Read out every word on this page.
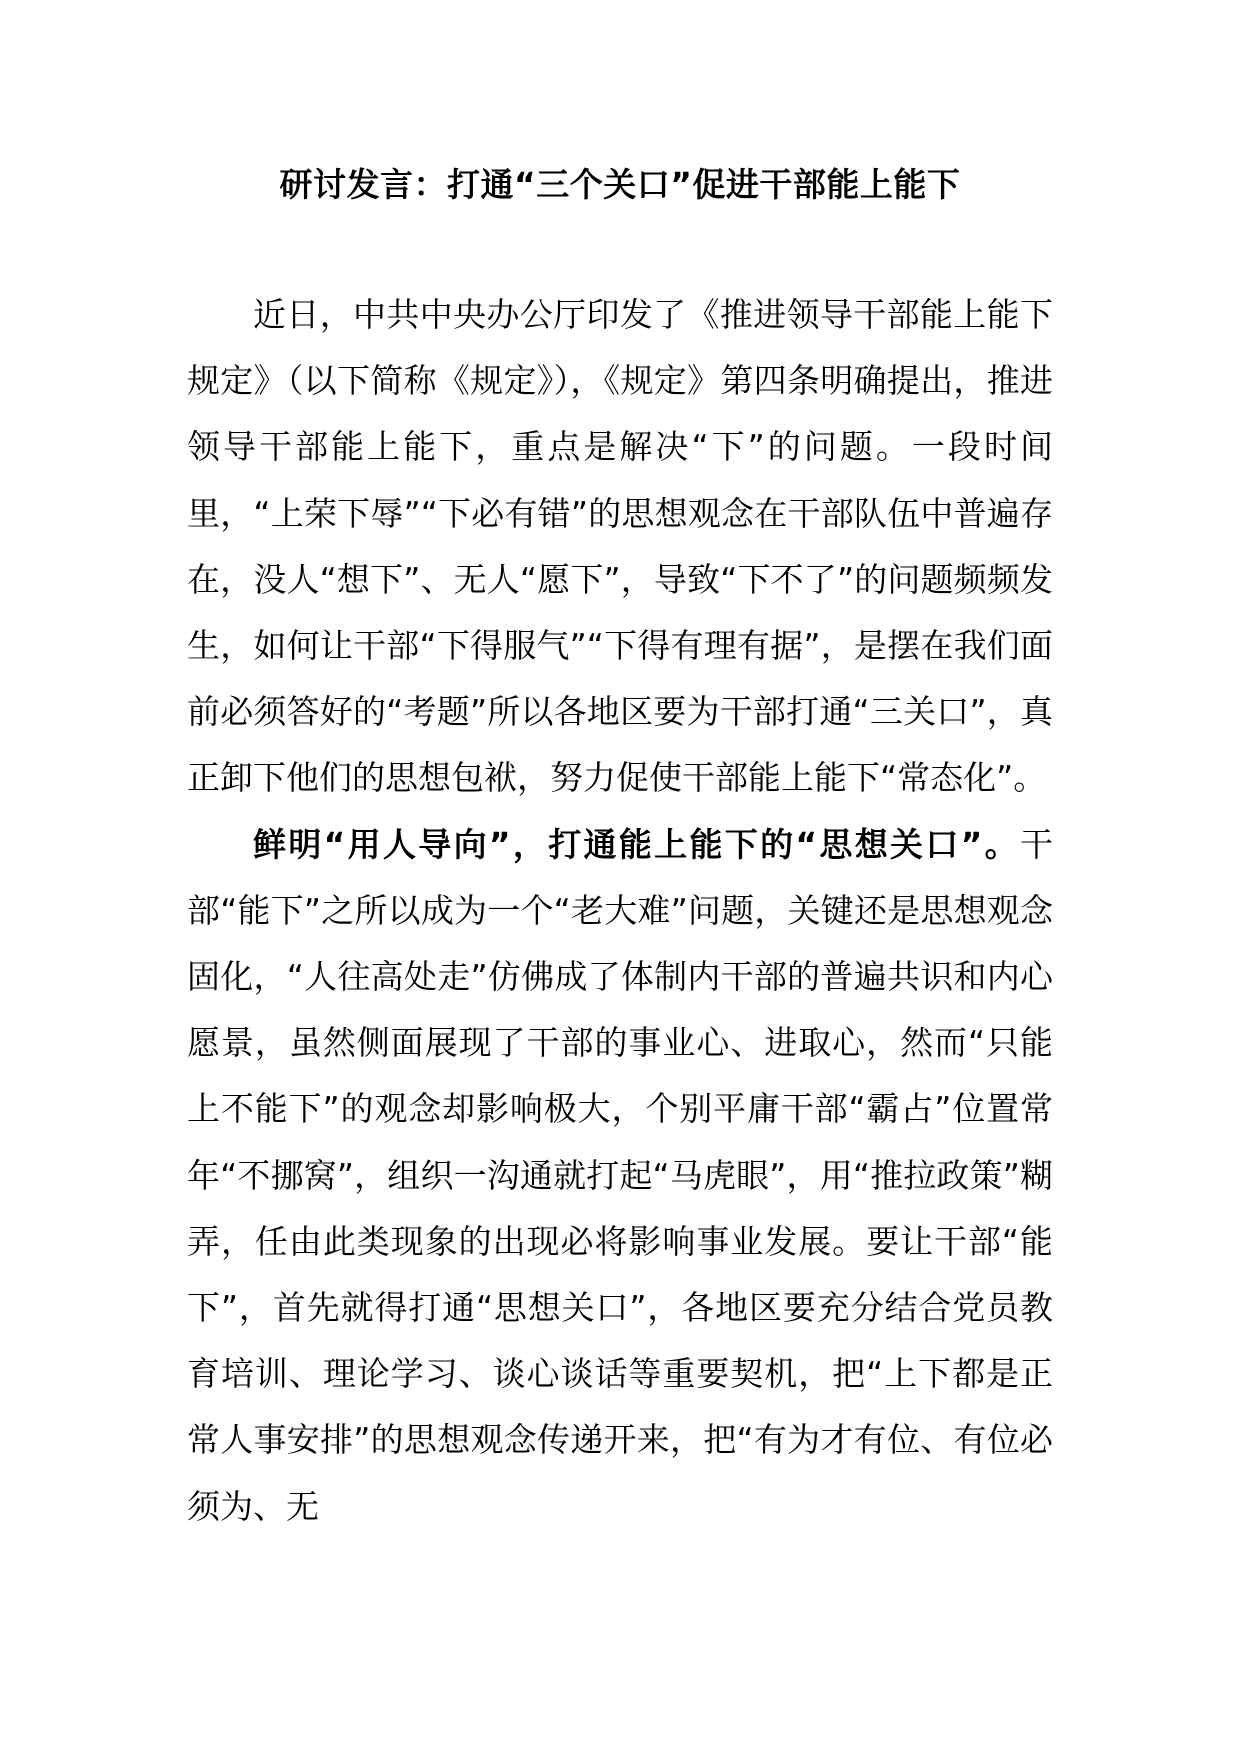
研讨发言：打通“三个关口”促进干部能上能下

近日，中共中央办公厅印发了《推进领导干部能上能下规定》（以下简称《规定》），《规定》第四条明确提出，推进领导干部能上能下，重点是解决“下”的问题。一段时间里，“上荣下辱”“下必有错”的思想观念在干部队伍中普遍存在，没人“想下”、无人“愿下”，导致“下不了”的问题频频发生，如何让干部“下得服气”“下得有理有据”，是摆在我们面前必须答好的“考题”所以各地区要为干部打通“三关口”，真正卸下他们的思想包袱，努力促使干部能上能下“常态化”。

鲜明“用人导向”，打通能上能下的“思想关口”。干部“能下”之所以成为一个“老大难”问题，关键还是思想观念固化，“人往高处走”仿佛成了体制内干部的普遍共识和内心愿景，虽然侧面展现了干部的事业心、进取心，然而“只能上不能下”的观念却影响极大，个别平庸干部“霸占”位置常年“不挪窝”，组织一沟通就打起“马虎眼”，用“推拉政策”糊弄，任由此类现象的出现必将影响事业发展。要让干部“能下”，首先就得打通“思想关口”，各地区要充分结合党员教育培训、理论学习、谈心谈话等重要契机，把“上下都是正常人事安排”的思想观念传递开来，把“有为才有位、有位必须为、无
